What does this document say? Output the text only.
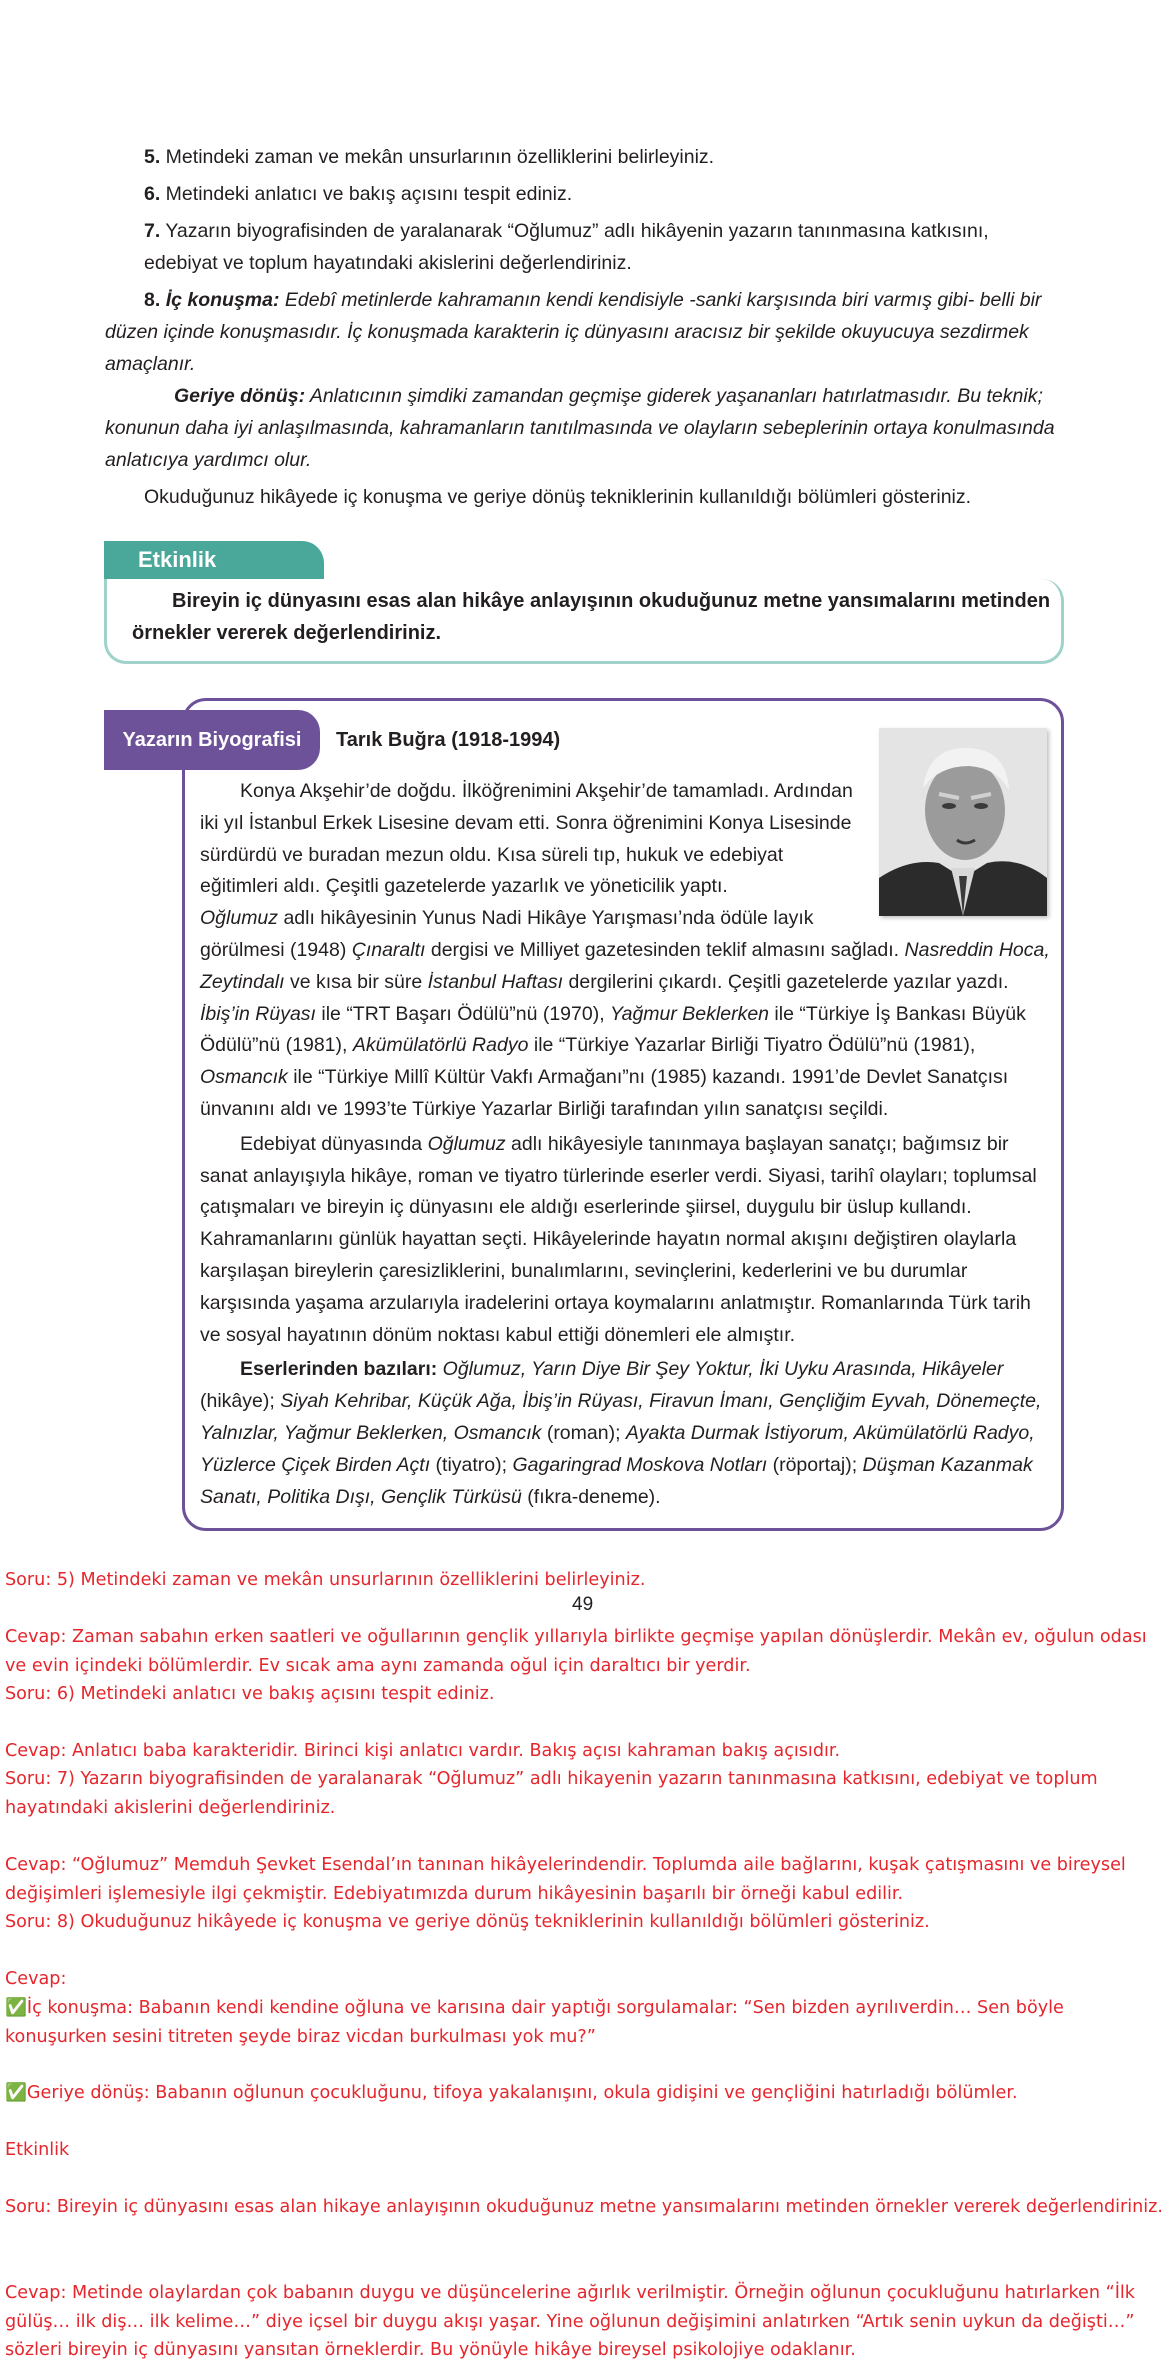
5. Metindeki zaman ve mekân unsurlarının özelliklerini belirleyiniz.

6. Metindeki anlatıcı ve bakış açısını tespit ediniz.

7. Yazarın biyografisinden de yaralanarak “Oğlumuz” adlı hikâyenin yazarın tanınmasına katkısını, edebiyat ve toplum hayatındaki akislerini değerlendiriniz.

8. İç konuşma: Edebî metinlerde kahramanın kendi kendisiyle -sanki karşısında biri varmış gibi- belli bir düzen içinde konuşmasıdır. İç konuşmada karakterin iç dünyasını aracısız bir şekilde okuyucuya sezdirmek amaçlanır.

Geriye dönüş: Anlatıcının şimdiki zamandan geçmişe giderek yaşananları hatırlatmasıdır. Bu teknik; konunun daha iyi anlaşılmasında, kahramanların tanıtılmasında ve olayların sebeplerinin ortaya konulmasında anlatıcıya yardımcı olur.

Okuduğunuz hikâyede iç konuşma ve geriye dönüş tekniklerinin kullanıldığı bölümleri gösteriniz.

Etkinlik
Bireyin iç dünyasını esas alan hikâye anlayışının okuduğunuz metne yansımalarını metinden örnekler vererek değerlendiriniz.
Yazarın Biyografisi	Tarık Buğra (1918-1994)

Konya Akşehir’de doğdu. İlköğrenimini Akşehir’de tamamladı. Ardından iki yıl İstanbul Erkek Lisesine devam etti. Sonra öğrenimini Konya Lisesinde sürdürdü ve buradan mezun oldu. Kısa süreli tıp, hukuk ve edebiyat eğitimleri aldı. Çeşitli gazetelerde yazarlık ve yöneticilik yaptı.

Oğlumuz adlı hikâyesinin Yunus Nadi Hikâye Yarışması’nda ödüle layık

görülmesi (1948) Çınaraltı dergisi ve Milliyet gazetesinden teklif almasını sağladı. Nasreddin Hoca, Zeytindalı ve kısa bir süre İstanbul Haftası dergilerini çıkardı. Çeşitli gazetelerde yazılar yazdı. İbiş’in Rüyası ile “TRT Başarı Ödülü”nü (1970), Yağmur Beklerken ile “Türkiye İş Bankası Büyük Ödülü”nü (1981), Akümülatörlü Radyo ile “Türkiye Yazarlar Birliği Tiyatro Ödülü”nü (1981), Osmancık ile “Türkiye Millî Kültür Vakfı Armağanı”nı (1985) kazandı. 1991’de Devlet Sanatçısı ünvanını aldı ve 1993’te Türkiye Yazarlar Birliği tarafından yılın sanatçısı seçildi.

Edebiyat dünyasında Oğlumuz adlı hikâyesiyle tanınmaya başlayan sanatçı; bağımsız bir sanat anlayışıyla hikâye, roman ve tiyatro türlerinde eserler verdi. Siyasi, tarihî olayları; toplumsal çatışmaları ve bireyin iç dünyasını ele aldığı eserlerinde şiirsel, duygulu bir üslup kullandı. Kahramanlarını günlük hayattan seçti. Hikâyelerinde hayatın normal akışını değiştiren olaylarla karşılaşan bireylerin çaresizliklerini, bunalımlarını, sevinçlerini, kederlerini ve bu durumlar karşısında yaşama arzularıyla iradelerini ortaya koymalarını anlatmıştır. Romanlarında Türk tarih ve sosyal hayatının dönüm noktası kabul ettiği dönemleri ele almıştır.

Eserlerinden bazıları: Oğlumuz, Yarın Diye Bir Şey Yoktur, İki Uyku Arasında, Hikâyeler (hikâye); Siyah Kehribar, Küçük Ağa, İbiş’in Rüyası, Firavun İmanı, Gençliğim Eyvah, Dönemeçte, Yalnızlar, Yağmur Beklerken, Osmancık (roman); Ayakta Durmak İstiyorum, Akümülatörlü Radyo, Yüzlerce Çiçek Birden Açtı (tiyatro); Gagaringrad Moskova Notları (röportaj); Düşman Kazanmak Sanatı, Politika Dışı, Gençlik Türküsü (fıkra-deneme).

Soru: 5) Metindeki zaman ve mekân unsurlarının özelliklerini belirleyiniz.
49
Cevap: Zaman sabahın erken saatleri ve oğullarının gençlik yıllarıyla birlikte geçmişe yapılan dönüşlerdir. Mekân ev, oğulun odası ve evin içindeki bölümlerdir. Ev sıcak ama aynı zamanda oğul için daraltıcı bir yerdir.
Soru: 6) Metindeki anlatıcı ve bakış açısını tespit ediniz.
Cevap: Anlatıcı baba karakteridir. Birinci kişi anlatıcı vardır. Bakış açısı kahraman bakış açısıdır.
Soru: 7) Yazarın biyografisinden de yaralanarak “Oğlumuz” adlı hikayenin yazarın tanınmasına katkısını, edebiyat ve toplum hayatındaki akislerini değerlendiriniz.
Cevap: “Oğlumuz” Memduh Şevket Esendal’ın tanınan hikâyelerindendir. Toplumda aile bağlarını, kuşak çatışmasını ve bireysel değişimleri işlemesiyle ilgi çekmiştir. Edebiyatımızda durum hikâyesinin başarılı bir örneği kabul edilir.
Soru: 8) Okuduğunuz hikâyede iç konuşma ve geriye dönüş tekniklerinin kullanıldığı bölümleri gösteriniz.
Cevap:
✅İç konuşma: Babanın kendi kendine oğluna ve karısına dair yaptığı sorgulamalar: “Sen bizden ayrılıverdin… Sen böyle konuşurken sesini titreten şeyde biraz vicdan burkulması yok mu?”
✅Geriye dönüş: Babanın oğlunun çocukluğunu, tifoya yakalanışını, okula gidişini ve gençliğini hatırladığı bölümler.
Etkinlik
Soru: Bireyin iç dünyasını esas alan hikaye anlayışının okuduğunuz metne yansımalarını metinden örnekler vererek değerlendiriniz.
Cevap: Metinde olaylardan çok babanın duygu ve düşüncelerine ağırlık verilmiştir. Örneğin oğlunun çocukluğunu hatırlarken “İlk gülüş… ilk diş… ilk kelime…” diye içsel bir duygu akışı yaşar. Yine oğlunun değişimini anlatırken “Artık senin uykun da değişti…” sözleri bireyin iç dünyasını yansıtan örneklerdir. Bu yönüyle hikâye bireysel psikolojiye odaklanır.
